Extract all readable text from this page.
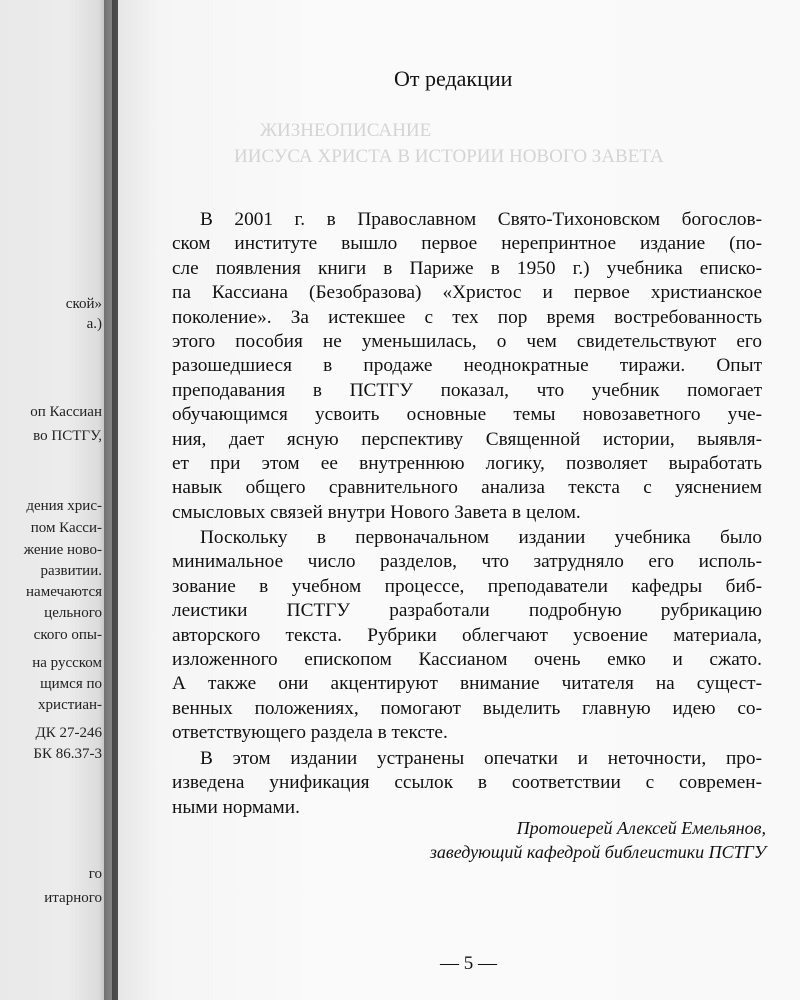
ской»
а.)
оп Кассиан
во ПСТГУ,
дения хрис-
пом Касси-
жение ново-
развитии.
намечаются
цельного
ского опы-
на русском
щимся по
христиан-
ДК 27-246
БК 86.37-3
го
итарного
ЖИЗНЕОПИСАНИЕ
ИИСУСА ХРИСТА В ИСТОРИИ НОВОГО ЗАВЕТА
От редакции
В 2001 г. в Православном Свято-Тихоновском богослов-
ском институте вышло первое нерепринтное издание (по-
сле появления книги в Париже в 1950 г.) учебника еписко-
па Кассиана (Безобразова) «Христос и первое христианское
поколение». За истекшее с тех пор время востребованность
этого пособия не уменьшилась, о чем свидетельствуют его
разошедшиеся в продаже неоднократные тиражи. Опыт
преподавания в ПСТГУ показал, что учебник помогает
обучающимся усвоить основные темы новозаветного уче-
ния, дает ясную перспективу Священной истории, выявля-
ет при этом ее внутреннюю логику, позволяет выработать
навык общего сравнительного анализа текста с уяснением
смысловых связей внутри Нового Завета в целом.
Поскольку в первоначальном издании учебника было
минимальное число разделов, что затрудняло его исполь-
зование в учебном процессе, преподаватели кафедры биб-
леистики ПСТГУ разработали подробную рубрикацию
авторского текста. Рубрики облегчают усвоение материала,
изложенного епископом Кассианом очень емко и сжато.
А также они акцентируют внимание читателя на сущест-
венных положениях, помогают выделить главную идею со-
ответствующего раздела в тексте.
В этом издании устранены опечатки и неточности, про-
изведена унификация ссылок в соответствии с современ-
ными нормами.
Протоиерей Алексей Емельянов,
заведующий кафедрой библеистики ПСТГУ
— 5 —
